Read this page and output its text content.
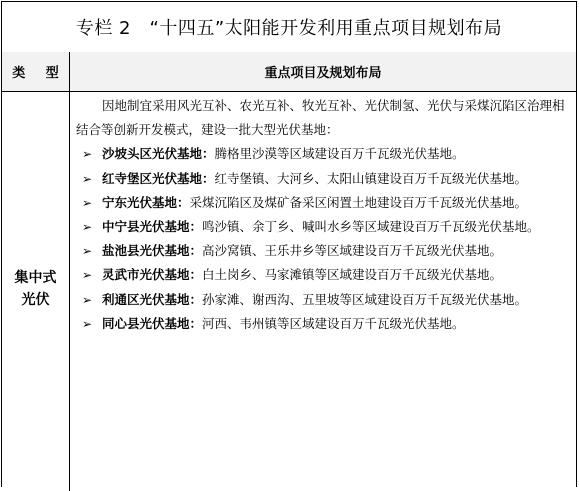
专栏 2　“十四五”太阳能开发利用重点项目规划布局
类 型	重点项目及规划布局
集中式
光伏

因地制宜采用风光互补、农光互补、牧光互补、光伏制氢、光伏与采煤沉陷区治理相结合等创新开发模式，建设一批大型光伏基地：

➢ 沙坡头区光伏基地：腾格里沙漠等区域建设百万千瓦级光伏基地。

➢ 红寺堡区光伏基地：红寺堡镇、大河乡、太阳山镇建设百万千瓦级光伏基地。

➢ 宁东光伏基地：采煤沉陷区及煤矿备采区闲置土地建设百万千瓦级光伏基地。

➢ 中宁县光伏基地：鸣沙镇、余丁乡、喊叫水乡等区域建设百万千瓦级光伏基地。

➢ 盐池县光伏基地：高沙窝镇、王乐井乡等区域建设百万千瓦级光伏基地。

➢ 灵武市光伏基地：白土岗乡、马家滩镇等区域建设百万千瓦级光伏基地。

➢ 利通区光伏基地：孙家滩、谢西沟、五里坡等区域建设百万千瓦级光伏基地。

➢ 同心县光伏基地：河西、韦州镇等区域建设百万千瓦级光伏基地。
